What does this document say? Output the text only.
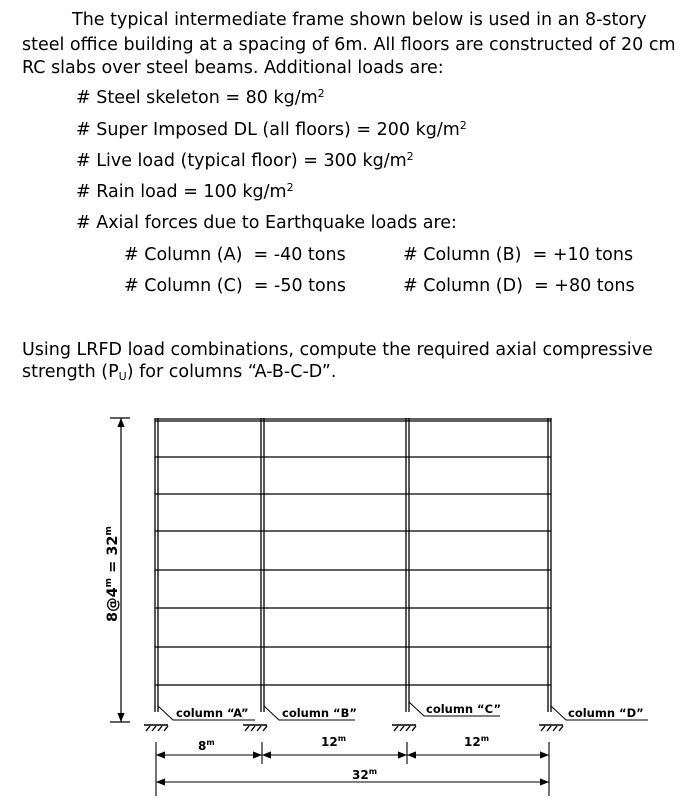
The typical intermediate frame shown below is used in an 8-story
steel office building at a spacing of 6m. All floors are constructed of 20 cm
RC slabs over steel beams. Additional loads are:
# Steel skeleton = 80 $kg/m^2$
# Super Imposed DL (all floors) = 200 $kg/m^2$
# Live load (typical floor) = 300 $kg/m^2$
# Rain load = 100 $kg/m^2$
# Axial forces due to Earthquake loads are:
# Column (A)  = -40 tons	# Column (B)  = +10 tons
# Column (C)  = -50 tons	# Column (D)  = +80 tons
Using LRFD load combinations, compute the required axial compressive
strength $(P_U)$ for columns “A-B-C-D”.
column “A”	column “B”	column “C”	column “D”
$8@4^m = 32^m$
8$^m$	12$^m$	12$^m$
32$^m$
